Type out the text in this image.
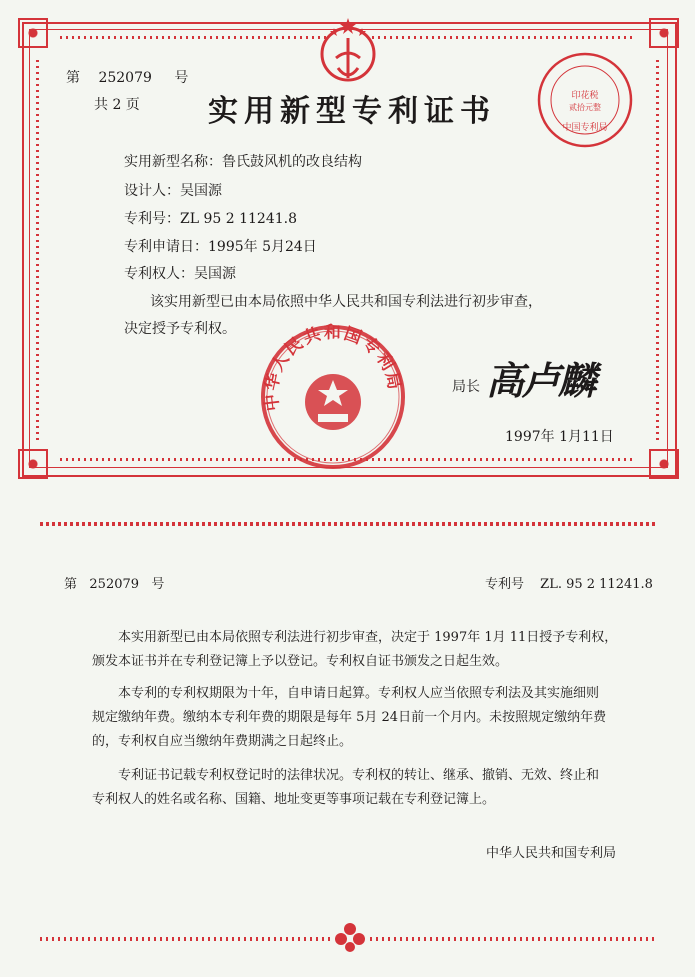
印花税
贰拾元整
中国专利局
第 252079 号
共 2 页 实用新型专利证书
实用新型名称：鲁氏鼓风机的改良结构
设计人：吴国源
专利号：ZL 95 2 11241.8
专利申请日：1995年 5月24日
专利权人：吴国源
该实用新型已由本局依照中华人民共和国专利法进行初步审查，
决定授予专利权。
中华人民共和国专利局	局长 高卢麟
1997年 1月11日
第   252079   号	专利号 ZL. 95 2 11241.8
本实用新型已由本局依照专利法进行初步审查，决定于 1997年 1月 11日授予专利权，
颁发本证书并在专利登记簿上予以登记。专利权自证书颁发之日起生效。
本专利的专利权期限为十年，自申请日起算。专利权人应当依照专利法及其实施细则
规定缴纳年费。缴纳本专利年费的期限是每年 5月 24日前一个月内。未按照规定缴纳年费
的，专利权自应当缴纳年费期满之日起终止。
专利证书记载专利权登记时的法律状况。专利权的转让、继承、撤销、无效、终止和
专利权人的姓名或名称、国籍、地址变更等事项记载在专利登记簿上。
中华人民共和国专利局
